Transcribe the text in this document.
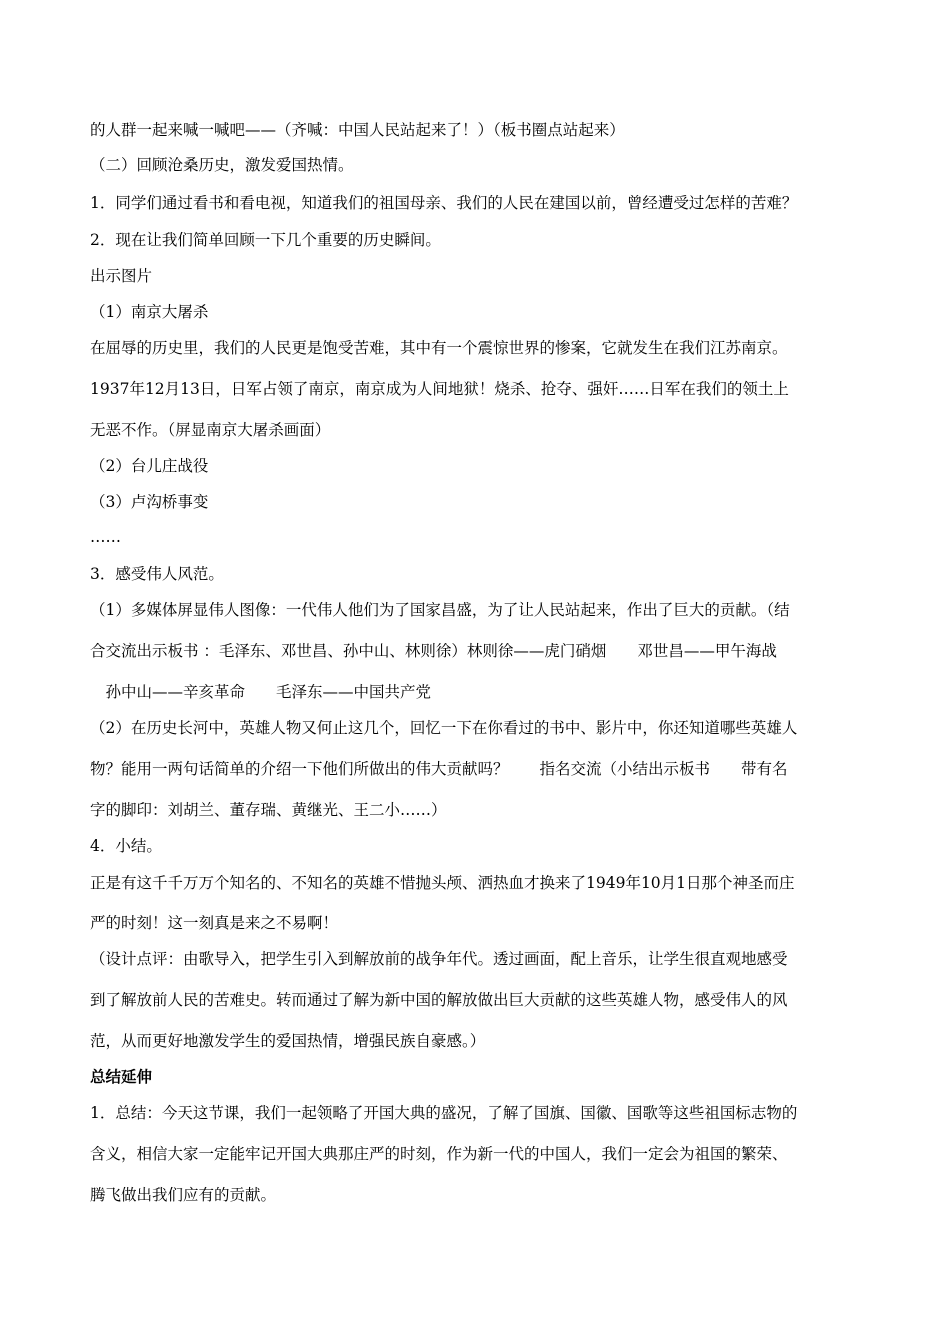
的人群一起来喊一喊吧——（齐喊：中国人民站起来了！）（板书圈点站起来）
（二）回顾沧桑历史，激发爱国热情。
1．同学们通过看书和看电视，知道我们的祖国母亲、我们的人民在建国以前，曾经遭受过怎样的苦难？
2．现在让我们简单回顾一下几个重要的历史瞬间。
出示图片
（1）南京大屠杀
在屈辱的历史里，我们的人民更是饱受苦难，其中有一个震惊世界的惨案，它就发生在我们江苏南京。
1937年12月13日，日军占领了南京，南京成为人间地狱！烧杀、抢夺、强奸……日军在我们的领土上
无恶不作。（屏显南京大屠杀画面）
（2）台儿庄战役
（3）卢沟桥事变
……
3．感受伟人风范。
（1）多媒体屏显伟人图像：一代伟人他们为了国家昌盛，为了让人民站起来，作出了巨大的贡献。（结
合交流出示板书 ：毛泽东、邓世昌、孙中山、林则徐）林则徐——虎门硝烟　　邓世昌——甲午海战
　孙中山——辛亥革命　　毛泽东——中国共产党
（2）在历史长河中，英雄人物又何止这几个，回忆一下在你看过的书中、影片中，你还知道哪些英雄人
物？能用一两句话简单的介绍一下他们所做出的伟大贡献吗？　　指名交流（小结出示板书　　带有名
字的脚印：刘胡兰、董存瑞、黄继光、王二小……）
4．小结。
正是有这千千万万个知名的、不知名的英雄不惜抛头颅、洒热血才换来了1949年10月1日那个神圣而庄
严的时刻！这一刻真是来之不易啊！
（设计点评：由歌导入，把学生引入到解放前的战争年代。透过画面，配上音乐，让学生很直观地感受
到了解放前人民的苦难史。转而通过了解为新中国的解放做出巨大贡献的这些英雄人物，感受伟人的风
范，从而更好地激发学生的爱国热情，增强民族自豪感。）
总结延伸
1．总结：今天这节课，我们一起领略了开国大典的盛况，了解了国旗、国徽、国歌等这些祖国标志物的
含义，相信大家一定能牢记开国大典那庄严的时刻，作为新一代的中国人，我们一定会为祖国的繁荣、
腾飞做出我们应有的贡献。
